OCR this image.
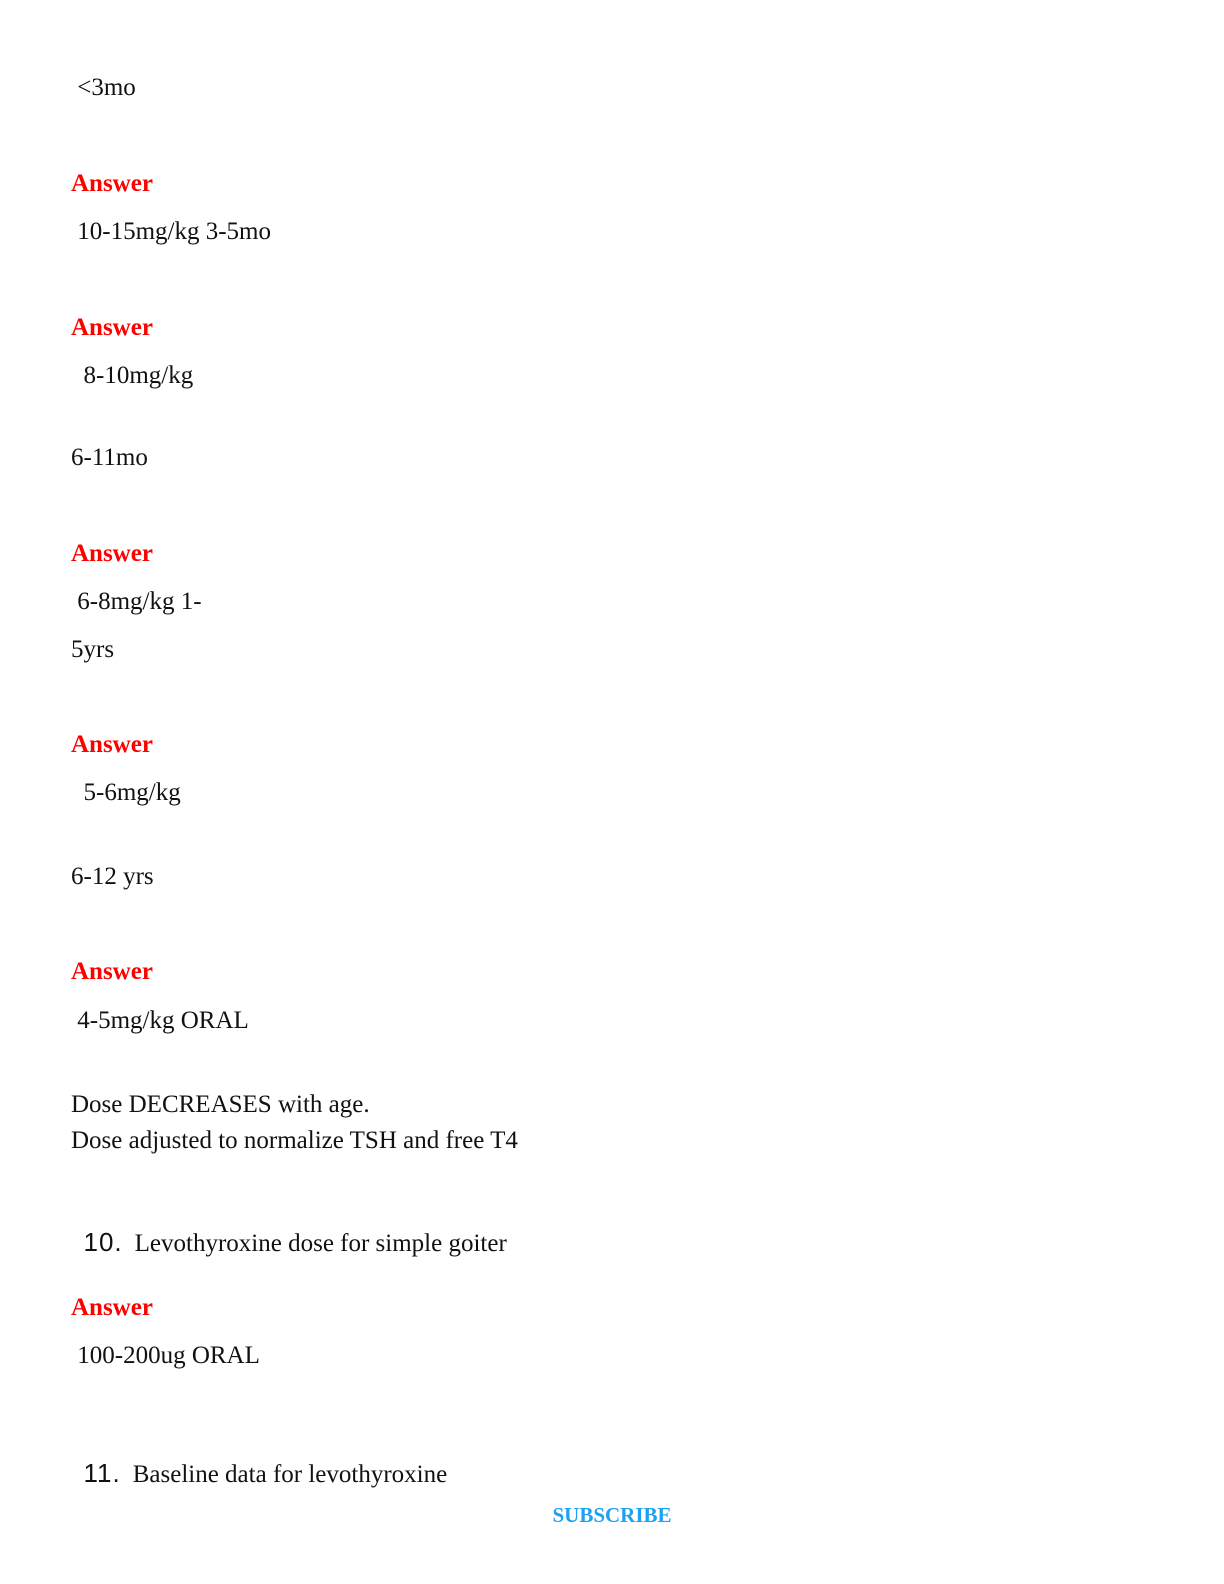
<3mo

Answer

10-15mg/kg 3-5mo

Answer

8-10mg/kg

6-11mo

Answer

6-8mg/kg 1-

5yrs

Answer

5-6mg/kg

6-12 yrs

Answer

4-5mg/kg ORAL

Dose DECREASES with age.

Dose adjusted to normalize TSH and free T4

10. Levothyroxine dose for simple goiter

Answer

100-200ug ORAL

11. Baseline data for levothyroxine

SUBSCRIBE
